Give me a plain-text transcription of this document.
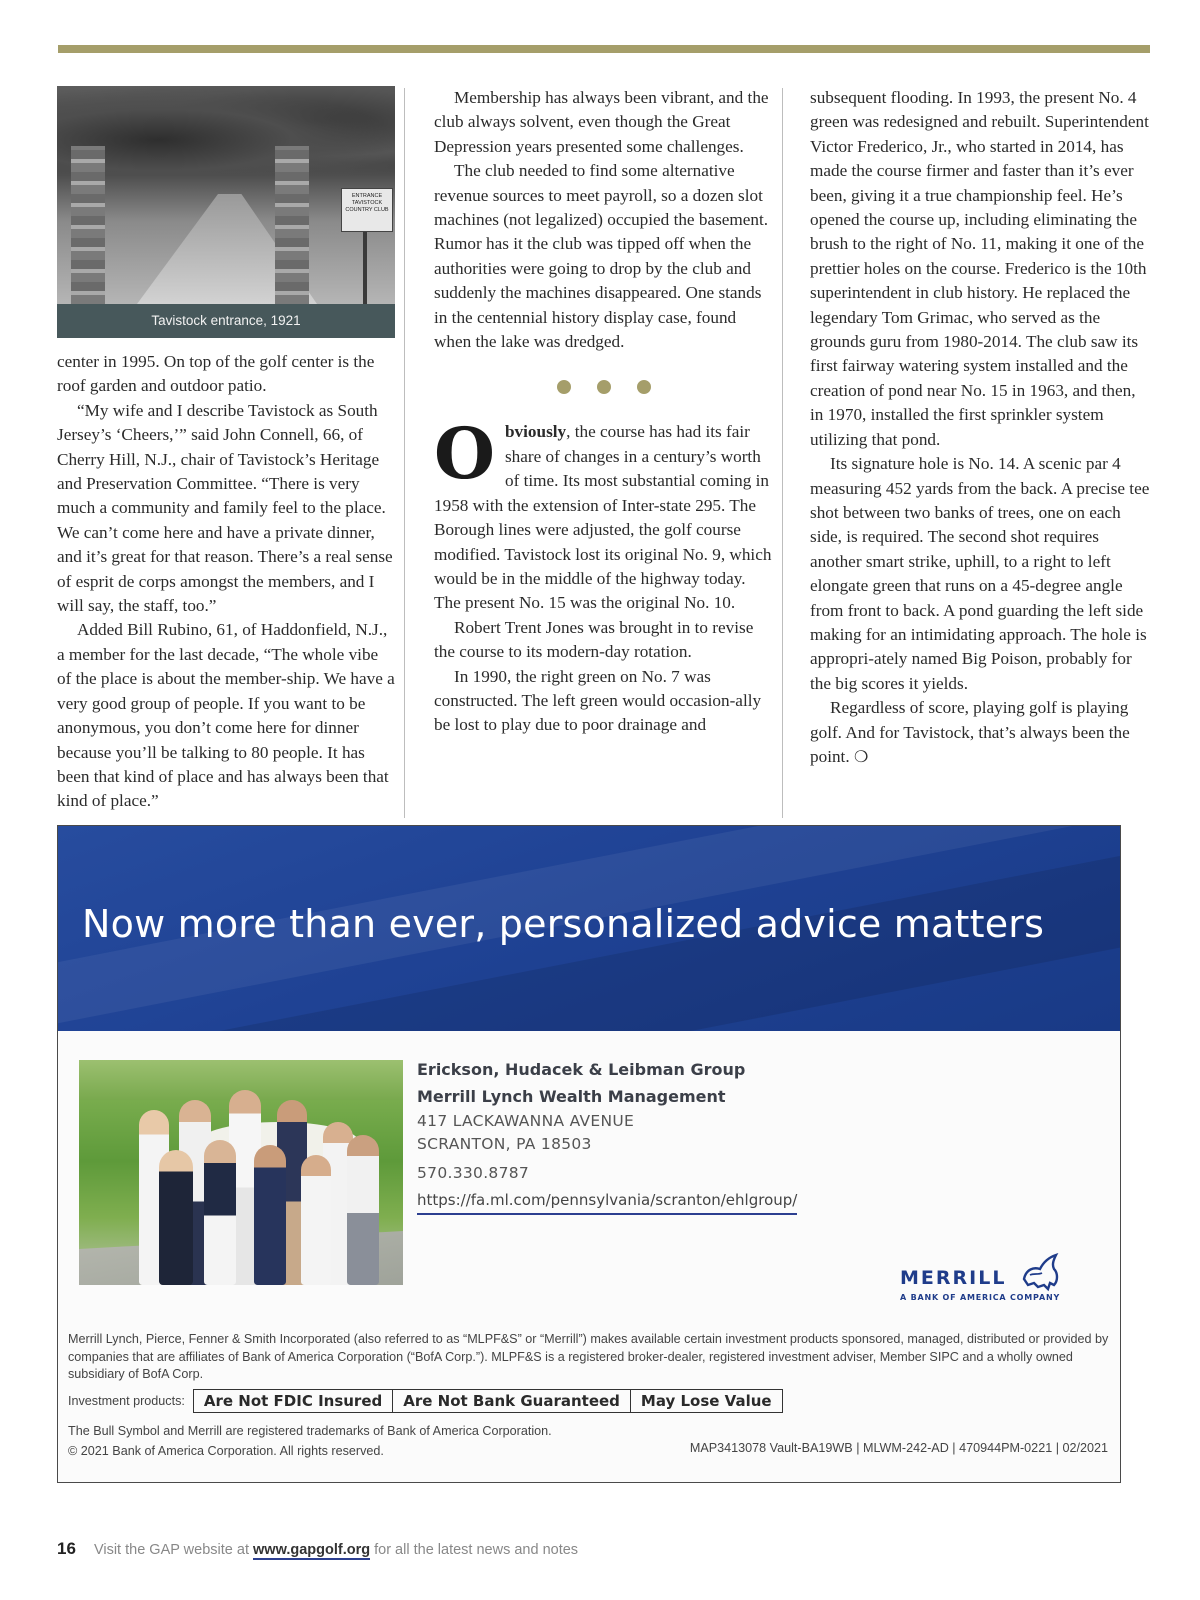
ENTRANCE TAVISTOCK COUNTRY CLUB
Tavistock entrance, 1921

center in 1995. On top of the golf center is the roof garden and outdoor patio.

“My wife and I describe Tavistock as South Jersey’s ‘Cheers,’” said John Connell, 66, of Cherry Hill, N.J., chair of Tavistock’s Heritage and Preservation Committee. “There is very much a community and family feel to the place. We can’t come here and have a private dinner, and it’s great for that reason. There’s a real sense of esprit de corps amongst the members, and I will say, the staff, too.”

Added Bill Rubino, 61, of Haddonfield, N.J., a member for the last decade, “The whole vibe of the place is about the member-ship. We have a very good group of people. If you want to be anonymous, you don’t come here for dinner because you’ll be talking to 80 people. It has been that kind of place and has always been that kind of place.”

Membership has always been vibrant, and the club always solvent, even though the Great Depression years presented some challenges.

The club needed to find some alternative revenue sources to meet payroll, so a dozen slot machines (not legalized) occupied the basement. Rumor has it the club was tipped off when the authorities were going to drop by the club and suddenly the machines disappeared. One stands in the centennial history display case, found when the lake was dredged.

Obviously, the course has had its fair share of changes in a century’s worth of time. Its most substantial coming in 1958 with the extension of Inter-state 295. The Borough lines were adjusted, the golf course modified. Tavistock lost its original No. 9, which would be in the middle of the highway today. The present No. 15 was the original No. 10.

Robert Trent Jones was brought in to revise the course to its modern-day rotation.

In 1990, the right green on No. 7 was constructed. The left green would occasion-ally be lost to play due to poor drainage and

subsequent flooding. In 1993, the present No. 4 green was redesigned and rebuilt. Superintendent Victor Frederico, Jr., who started in 2014, has made the course firmer and faster than it’s ever been, giving it a true championship feel. He’s opened the course up, including eliminating the brush to the right of No. 11, making it one of the prettier holes on the course. Frederico is the 10th superintendent in club history. He replaced the legendary Tom Grimac, who served as the grounds guru from 1980-2014. The club saw its first fairway watering system installed and the creation of pond near No. 15 in 1963, and then, in 1970, installed the first sprinkler system utilizing that pond.

Its signature hole is No. 14. A scenic par 4 measuring 452 yards from the back. A precise tee shot between two banks of trees, one on each side, is required. The second shot requires another smart strike, uphill, to a right to left elongate green that runs on a 45-degree angle from front to back. A pond guarding the left side making for an intimidating approach. The hole is appropri-ately named Big Poison, probably for the big scores it yields.

Regardless of score, playing golf is playing golf. And for Tavistock, that’s always been the point. ❍

Now more than ever, personalized advice matters
Erickson, Hudacek & Leibman Group
Merrill Lynch Wealth Management
417 LACKAWANNA AVENUE
SCRANTON, PA 18503
570.330.8787
https://fa.ml.com/pennsylvania/scranton/ehlgroup/
MERRILL
A BANK OF AMERICA COMPANY
Merrill Lynch, Pierce, Fenner & Smith Incorporated (also referred to as “MLPF&S” or “Merrill”) makes available certain investment products sponsored, managed, distributed or provided by companies that are affiliates of Bank of America Corporation (“BofA Corp.”). MLPF&S is a registered broker-dealer, registered investment adviser, Member SIPC and a wholly owned subsidiary of BofA Corp.
Investment products:	Are Not FDIC Insured	Are Not Bank Guaranteed	May Lose Value
The Bull Symbol and Merrill are registered trademarks of Bank of America Corporation.
© 2021 Bank of America Corporation. All rights reserved.	MAP3413078 Vault-BA19WB | MLWM-242-AD | 470944PM-0221 | 02/2021
16 Visit the GAP website at www.gapgolf.org for all the latest news and notes
